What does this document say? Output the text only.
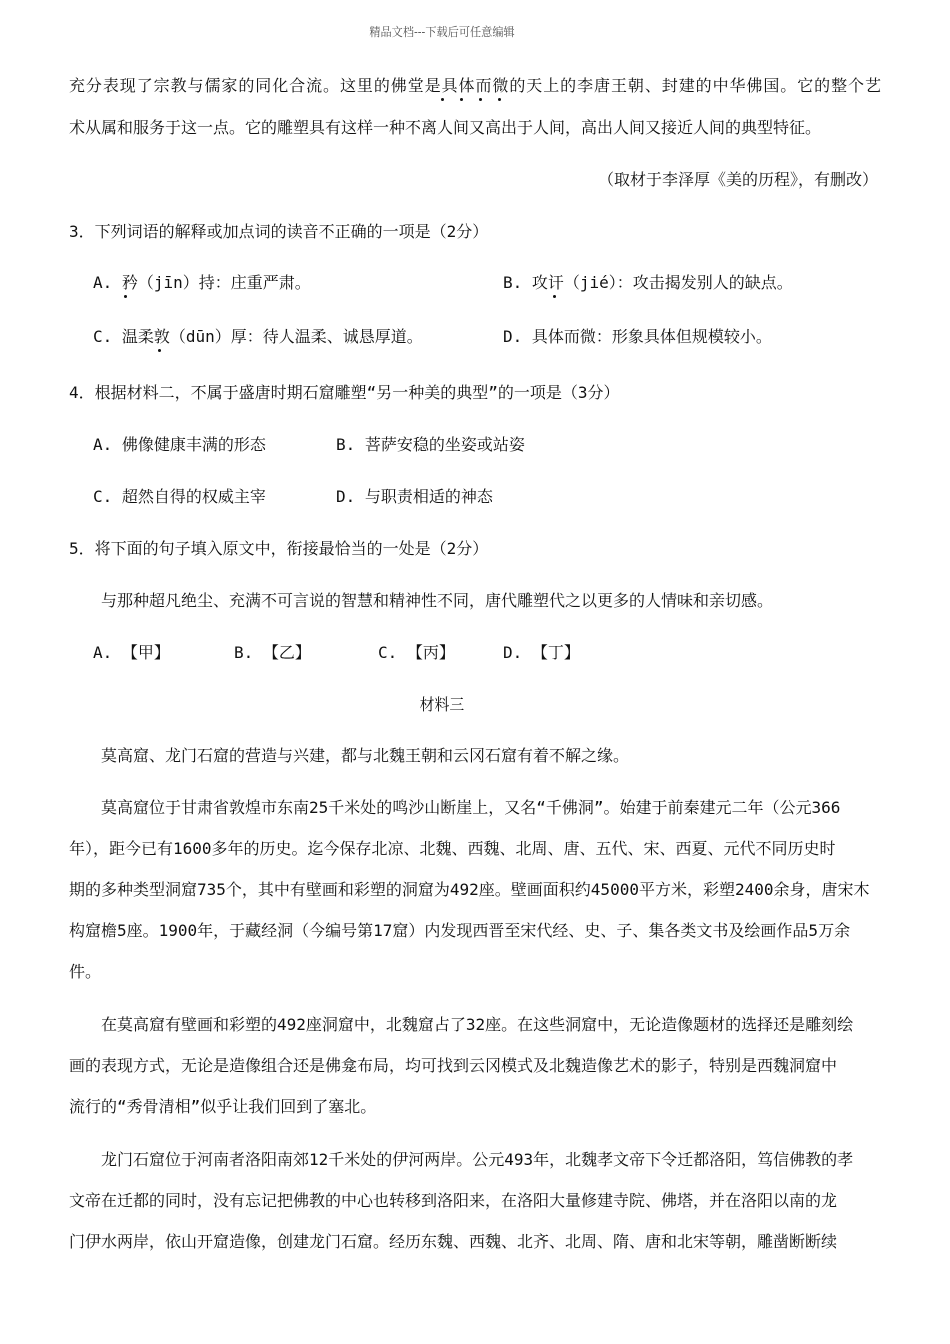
精品文档---下载后可任意编辑
充分表现了宗教与儒家的同化合流。这里的佛堂是具体而微的天上的李唐王朝、封建的中华佛国。它的整个艺
术从属和服务于这一点。它的雕塑具有这样一种不离人间又高出于人间，高出人间又接近人间的典型特征。
（取材于李泽厚《美的历程》，有删改）
3．下列词语的解释或加点词的读音不正确的一项是（2分）
A. 矜（jīn）持：庄重严肃。	B. 攻讦（jié）：攻击揭发别人的缺点。
C. 温柔敦（dūn）厚：待人温柔、诚恳厚道。	D. 具体而微：形象具体但规模较小。
4．根据材料二，不属于盛唐时期石窟雕塑“另一种美的典型”的一项是（3分）
A. 佛像健康丰满的形态	B. 菩萨安稳的坐姿或站姿
C. 超然自得的权威主宰	D. 与职责相适的神态
5．将下面的句子填入原文中，衔接最恰当的一处是（2分）
与那种超凡绝尘、充满不可言说的智慧和精神性不同，唐代雕塑代之以更多的人情味和亲切感。
A. 【甲】	B. 【乙】	C. 【丙】	D. 【丁】
材料三
莫高窟、龙门石窟的营造与兴建，都与北魏王朝和云冈石窟有着不解之缘。
莫高窟位于甘肃省敦煌市东南25千米处的鸣沙山断崖上，又名“千佛洞”。始建于前秦建元二年（公元366
年），距今已有1600多年的历史。迄今保存北凉、北魏、西魏、北周、唐、五代、宋、西夏、元代不同历史时
期的多种类型洞窟735个，其中有壁画和彩塑的洞窟为492座。壁画面积约45000平方米，彩塑2400余身，唐宋木
构窟檐5座。1900年，于藏经洞（今编号第17窟）内发现西晋至宋代经、史、子、集各类文书及绘画作品5万余
件。
在莫高窟有壁画和彩塑的492座洞窟中，北魏窟占了32座。在这些洞窟中，无论造像题材的选择还是雕刻绘
画的表现方式，无论是造像组合还是佛龛布局，均可找到云冈模式及北魏造像艺术的影子，特别是西魏洞窟中
流行的“秀骨清相”似乎让我们回到了塞北。
龙门石窟位于河南者洛阳南郊12千米处的伊河两岸。公元493年，北魏孝文帝下令迁都洛阳，笃信佛教的孝
文帝在迁都的同时，没有忘记把佛教的中心也转移到洛阳来，在洛阳大量修建寺院、佛塔，并在洛阳以南的龙
门伊水两岸，依山开窟造像，创建龙门石窟。经历东魏、西魏、北齐、北周、隋、唐和北宋等朝，雕凿断断续
